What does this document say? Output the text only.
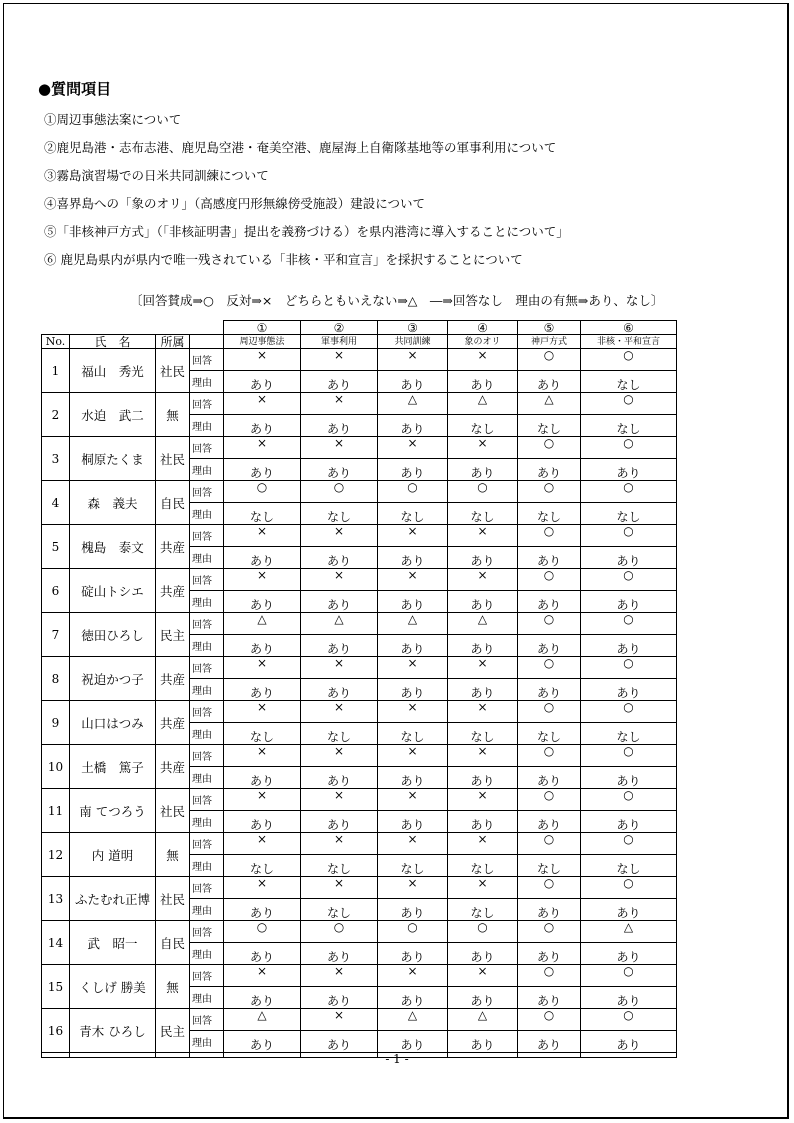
●質問項目
①周辺事態法案について
②鹿児島港・志布志港、鹿児島空港・奄美空港、鹿屋海上自衛隊基地等の軍事利用について
③霧島演習場での日米共同訓練について
④喜界島への「象のオリ」（高感度円形無線傍受施設）建設について
⑤「非核神戸方式」（「非核証明書」提出を義務づける）を県内港湾に導入することについて」
⑥ 鹿児島県内が県内で唯一残されている「非核・平和宣言」を採択することについて
〔回答賛成⇒○　反対⇒×　どちらともいえない⇒△　―⇒回答なし　理由の有無⇒あり、なし〕
				①	②	③	④	⑤	⑥
No.	氏　名	所属		周辺事態法	軍事利用	共同訓練	象のオリ	神戸方式	非核・平和宣言
1	福山　秀光	社民	回答	×	×	×	×	○	○
			理由	あり	あり	あり	あり	あり	なし
2	水迫　武二	無	回答	×	×	△	△	△	○
			理由	あり	あり	あり	なし	なし	なし
3	桐原たくま	社民	回答	×	×	×	×	○	○
			理由	あり	あり	あり	あり	あり	あり
4	森　義夫	自民	回答	○	○	○	○	○	○
			理由	なし	なし	なし	なし	なし	なし
5	槐島　泰文	共産	回答	×	×	×	×	○	○
			理由	あり	あり	あり	あり	あり	あり
6	碇山トシエ	共産	回答	×	×	×	×	○	○
			理由	あり	あり	あり	あり	あり	あり
7	徳田ひろし	民主	回答	△	△	△	△	○	○
			理由	あり	あり	あり	あり	あり	あり
8	祝迫かつ子	共産	回答	×	×	×	×	○	○
			理由	あり	あり	あり	あり	あり	あり
9	山口はつみ	共産	回答	×	×	×	×	○	○
			理由	なし	なし	なし	なし	なし	なし
10	土橋　篤子	共産	回答	×	×	×	×	○	○
			理由	あり	あり	あり	あり	あり	あり
11	南 てつろう	社民	回答	×	×	×	×	○	○
			理由	あり	あり	あり	あり	あり	あり
12	内 道明	無	回答	×	×	×	×	○	○
			理由	なし	なし	なし	なし	なし	なし
13	ふたむれ正博	社民	回答	×	×	×	×	○	○
			理由	あり	なし	あり	なし	あり	あり
14	武　昭一	自民	回答	○	○	○	○	○	△
			理由	あり	あり	あり	あり	あり	あり
15	くしげ 勝美	無	回答	×	×	×	×	○	○
			理由	あり	あり	あり	あり	あり	あり
16	青木 ひろし	民主	回答	△	×	△	△	○	○
			理由	あり	あり	あり	あり	あり	あり

- 1 -
